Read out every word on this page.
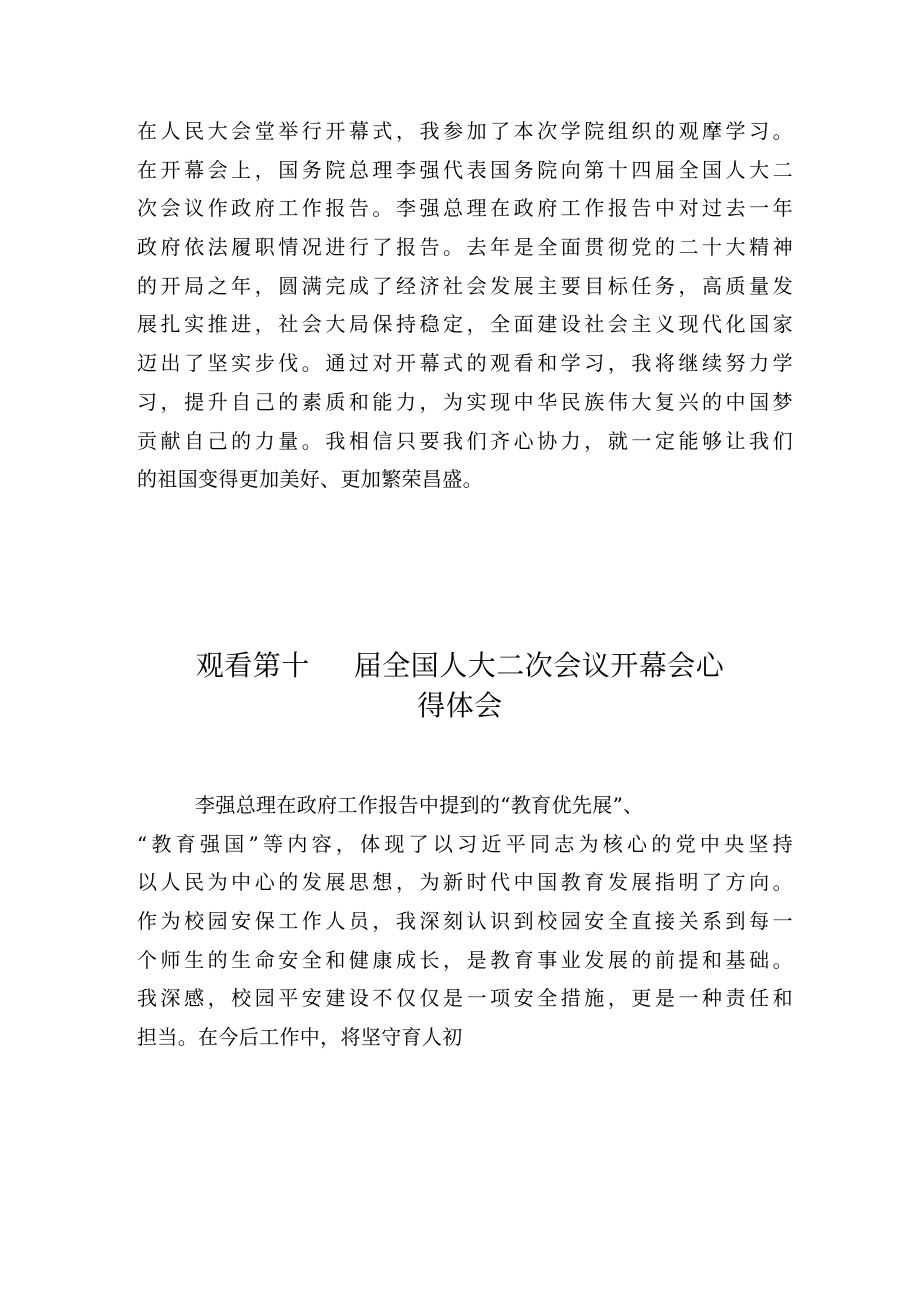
在人民大会堂举行开幕式，我参加了本次学院组织的观摩学习。
在开幕会上，国务院总理李强代表国务院向第十四届全国人大二
次会议作政府工作报告。李强总理在政府工作报告中对过去一年
政府依法履职情况进行了报告。去年是全面贯彻党的二十大精神
的开局之年，圆满完成了经济社会发展主要目标任务，高质量发
展扎实推进，社会大局保持稳定，全面建设社会主义现代化国家
迈出了坚实步伐。通过对开幕式的观看和学习，我将继续努力学
习，提升自己的素质和能力，为实现中华民族伟大复兴的中国梦
贡献自己的力量。我相信只要我们齐心协力，就一定能够让我们
的祖国变得更加美好、更加繁荣昌盛。
观看第十 届全国人大二次会议开幕会心
得体会
李强总理在政府工作报告中提到的“教育优先展”、
“教育强国”等内容，体现了以习近平同志为核心的党中央坚持
以人民为中心的发展思想，为新时代中国教育发展指明了方向。
作为校园安保工作人员，我深刻认识到校园安全直接关系到每一
个师生的生命安全和健康成长，是教育事业发展的前提和基础。
我深感，校园平安建设不仅仅是一项安全措施，更是一种责任和
担当。在今后工作中，将坚守育人初
